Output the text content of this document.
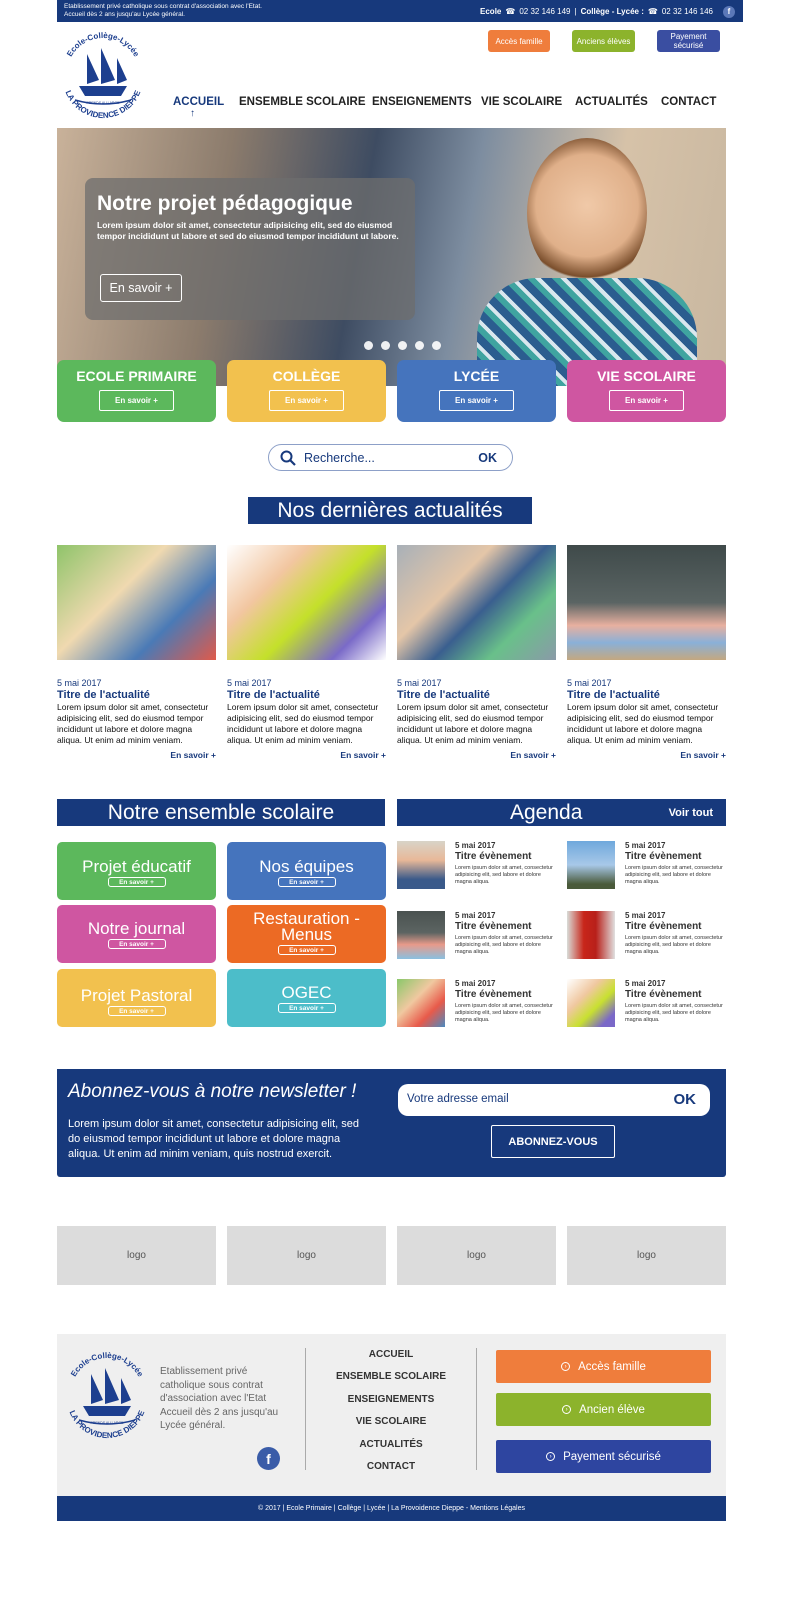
Etablissement privé catholique sous contrat d'association avec l'Etat.
Accueil dès 2 ans jusqu'au Lycée général.	Ecole ☎ 02 32 146 149 | Collège - Lycée : ☎ 02 32 146 146	f
Accès famille	Anciens élèves	Payement sécurisé
Ecole-Collège-Lycée
LA PROVIDENCE DIEPPE
PRENDS AU LARGE	ACCUEIL
↑
ENSEMBLE SCOLAIRE ENSEIGNEMENTS VIE SCOLAIRE ACTUALITÉS CONTACT
Notre projet pédagogique

Lorem ipsum dolor sit amet, consectetur adipisicing elit, sed do eiusmod tempor incididunt ut labore et sed do eiusmod tempor incididunt ut labore.

En savoir +
ECOLE PRIMAIRE
En savoir +
COLLÈGE
En savoir +
LYCÉE
En savoir +
VIE SCOLAIRE
En savoir +
Recherche...	OK
Nos dernières actualités
5 mai 2017
Titre de l'actualité
Lorem ipsum dolor sit amet, consectetur adipisicing elit, sed do eiusmod tempor incididunt ut labore et dolore magna aliqua. Ut enim ad minim veniam.
En savoir +
5 mai 2017
Titre de l'actualité
Lorem ipsum dolor sit amet, consectetur adipisicing elit, sed do eiusmod tempor incididunt ut labore et dolore magna aliqua. Ut enim ad minim veniam.
En savoir +
5 mai 2017
Titre de l'actualité
Lorem ipsum dolor sit amet, consectetur adipisicing elit, sed do eiusmod tempor incididunt ut labore et dolore magna aliqua. Ut enim ad minim veniam.
En savoir +
5 mai 2017
Titre de l'actualité
Lorem ipsum dolor sit amet, consectetur adipisicing elit, sed do eiusmod tempor incididunt ut labore et dolore magna aliqua. Ut enim ad minim veniam.
En savoir +
Notre ensemble scolaire
Projet éducatif
En savoir +
Nos équipes
En savoir +
Notre journal
En savoir +
Restauration - Menus
En savoir +
Projet Pastoral
En savoir +
OGEC
En savoir +
Agenda	Voir tout
5 mai 2017
Titre évènement
Lorem ipsum dolor sit amet, consectetur adipisicing elit, sed labore et dolore magna aliqua.
5 mai 2017
Titre évènement
Lorem ipsum dolor sit amet, consectetur adipisicing elit, sed labore et dolore magna aliqua.
5 mai 2017
Titre évènement
Lorem ipsum dolor sit amet, consectetur adipisicing elit, sed labore et dolore magna aliqua.
5 mai 2017
Titre évènement
Lorem ipsum dolor sit amet, consectetur adipisicing elit, sed labore et dolore magna aliqua.
5 mai 2017
Titre évènement
Lorem ipsum dolor sit amet, consectetur adipisicing elit, sed labore et dolore magna aliqua.
5 mai 2017
Titre évènement
Lorem ipsum dolor sit amet, consectetur adipisicing elit, sed labore et dolore magna aliqua.
Abonnez-vous à notre newsletter !

Lorem ipsum dolor sit amet, consectetur adipisicing elit, sed do eiusmod tempor incididunt ut labore et dolore magna aliqua. Ut enim ad minim veniam, quis nostrud exercit.

Votre adresse email	OK
ABONNEZ-VOUS
logo	logo	logo	logo
Ecole-Collège-Lycée
LA PROVIDENCE DIEPPE
PRENDS AU LARGE
Etablissement privé catholique sous contrat d'association avec l'Etat Accueil dès 2 ans jusqu'au Lycée général.
f
ACCUEIL
ENSEMBLE SCOLAIRE
ENSEIGNEMENTS
VIE SCOLAIRE
ACTUALITÉS
CONTACT
›	Accès famille
›	Ancien élève
›	Payement sécurisé
© 2017 | Ecole Primaire | Collège | Lycée | La Provoidence Dieppe - Mentions Légales
